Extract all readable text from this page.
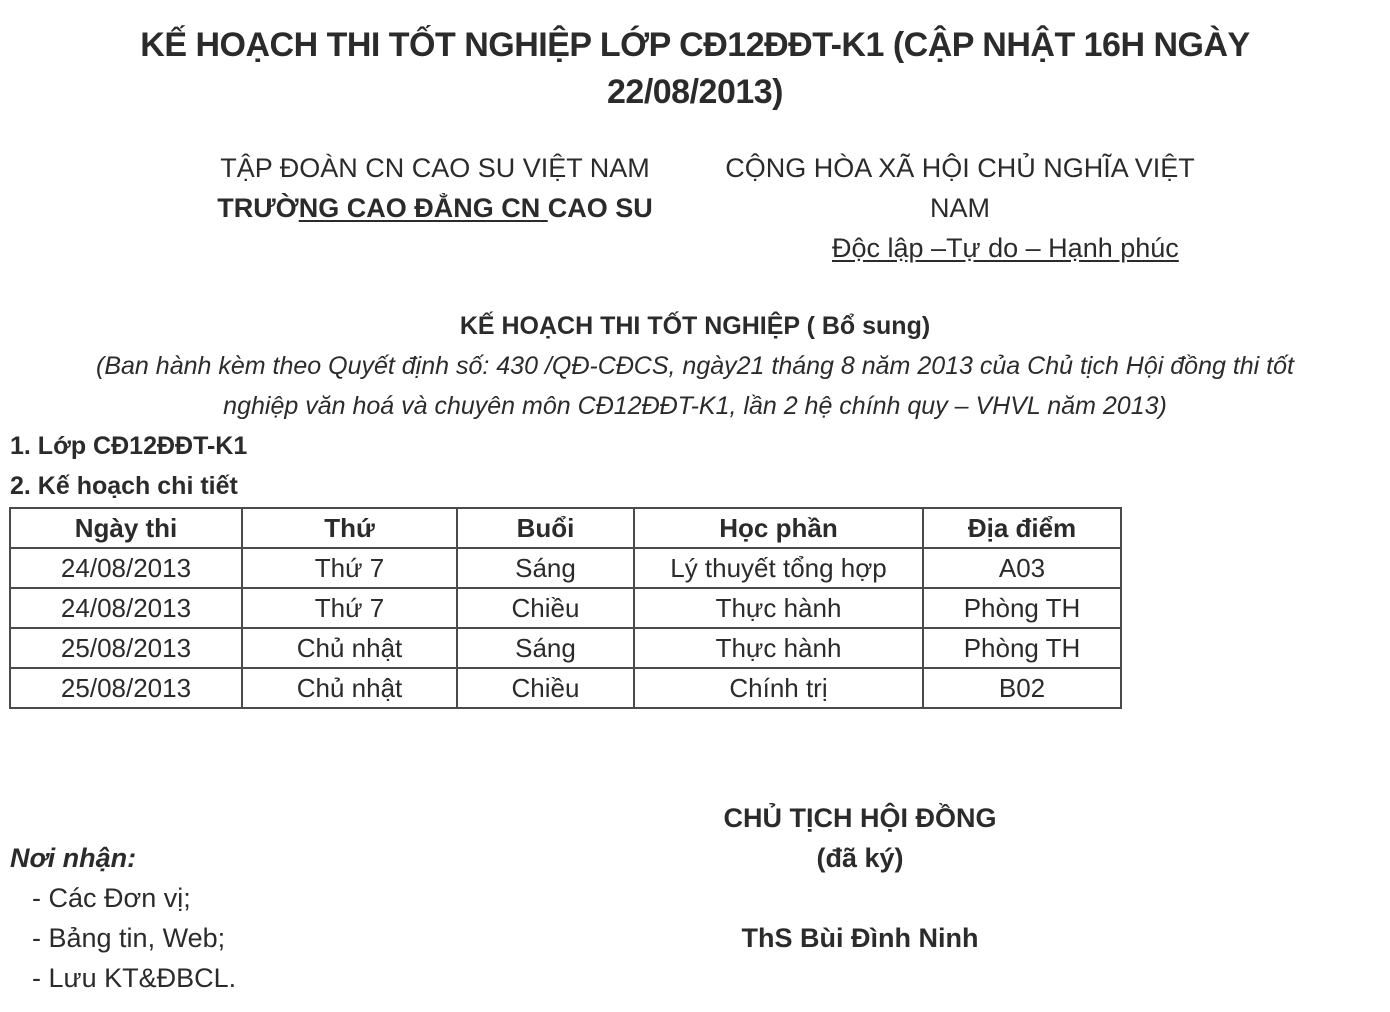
KẾ HOẠCH THI TỐT NGHIỆP LỚP CĐ12ĐĐT-K1 (CẬP NHẬT 16H NGÀY
22/08/2013)
TẬP ĐOÀN CN CAO SU VIỆT NAM
TRƯỜNG CAO ĐẲNG CN CAO SU
CỘNG HÒA XÃ HỘI CHỦ NGHĨA VIỆT
NAM
Độc lập –Tự do – Hạnh phúc
KẾ HOẠCH THI TỐT NGHIỆP ( Bổ sung)
(Ban hành kèm theo Quyết định số: 430 /QĐ-CĐCS, ngày21 tháng 8 năm 2013 của Chủ tịch Hội đồng thi tốt
nghiệp văn hoá và chuyên môn CĐ12ĐĐT-K1, lần 2 hệ chính quy – VHVL năm 2013)
1. Lớp CĐ12ĐĐT-K1
2. Kế hoạch chi tiết
Ngày thi	Thứ	Buổi	Học phần	Địa điểm
24/08/2013	Thứ 7	Sáng	Lý thuyết tổng hợp	A03
24/08/2013	Thứ 7	Chiều	Thực hành	Phòng TH
25/08/2013	Chủ nhật	Sáng	Thực hành	Phòng TH
25/08/2013	Chủ nhật	Chiều	Chính trị	B02
CHỦ TỊCH HỘI ĐỒNG
(đã ký)
ThS Bùi Đình Ninh
Nơi nhận:
- Các Đơn vị;
- Bảng tin, Web;
- Lưu KT&ĐBCL.
